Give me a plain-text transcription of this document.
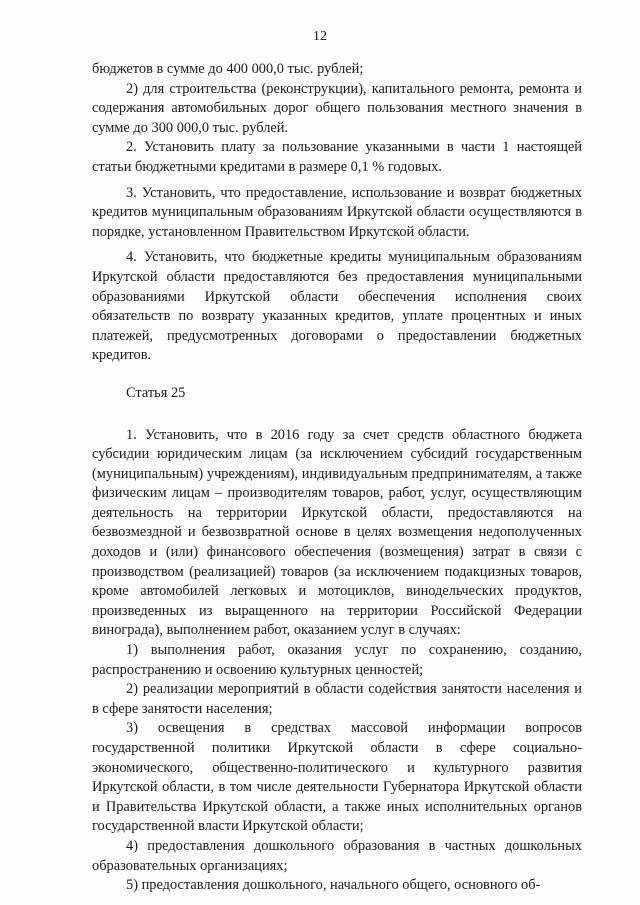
12

бюджетов в сумме до 400 000,0 тыс. рублей;

2) для строительства (реконструкции), капитального ремонта, ремонта и содержания автомобильных дорог общего пользования местного значения в сумме до 300 000,0 тыс. рублей.

2. Установить плату за пользование указанными в части 1 настоящей статьи бюджетными кредитами в размере 0,1 % годовых.

3. Установить, что предоставление, использование и возврат бюджетных кредитов муниципальным образованиям Иркутской области осуществляются в порядке, установленном Правительством Иркутской области.

4. Установить, что бюджетные кредиты муниципальным образованиям Иркутской области предоставляются без предоставления муниципальными образованиями Иркутской области обеспечения исполнения своих обязательств по возврату указанных кредитов, уплате процентных и иных платежей, предусмотренных договорами о предоставлении бюджетных кредитов.

Статья 25

1. Установить, что в 2016 году за счет средств областного бюджета субсидии юридическим лицам (за исключением субсидий государственным (муниципальным) учреждениям), индивидуальным предпринимателям, а также физическим лицам – производителям товаров, работ, услуг, осуществляющим деятельность на территории Иркутской области, предоставляются на безвозмездной и безвозвратной основе в целях возмещения недополученных доходов и (или) финансового обеспечения (возмещения) затрат в связи с производством (реализацией) товаров (за исключением подакцизных товаров, кроме автомобилей легковых и мотоциклов, винодельческих продуктов, произведенных из выращенного на территории Российской Федерации винограда), выполнением работ, оказанием услуг в случаях:

1) выполнения работ, оказания услуг по сохранению, созданию, распространению и освоению культурных ценностей;

2) реализации мероприятий в области содействия занятости населения и в сфере занятости населения;

3) освещения в средствах массовой информации вопросов государственной политики Иркутской области в сфере социально-экономического, общественно-политического и культурного развития Иркутской области, в том числе деятельности Губернатора Иркутской области и Правительства Иркутской области, а также иных исполнительных органов государственной власти Иркутской области;

4) предоставления дошкольного образования в частных дошкольных образовательных организациях;

5) предоставления дошкольного, начального общего, основного об-
